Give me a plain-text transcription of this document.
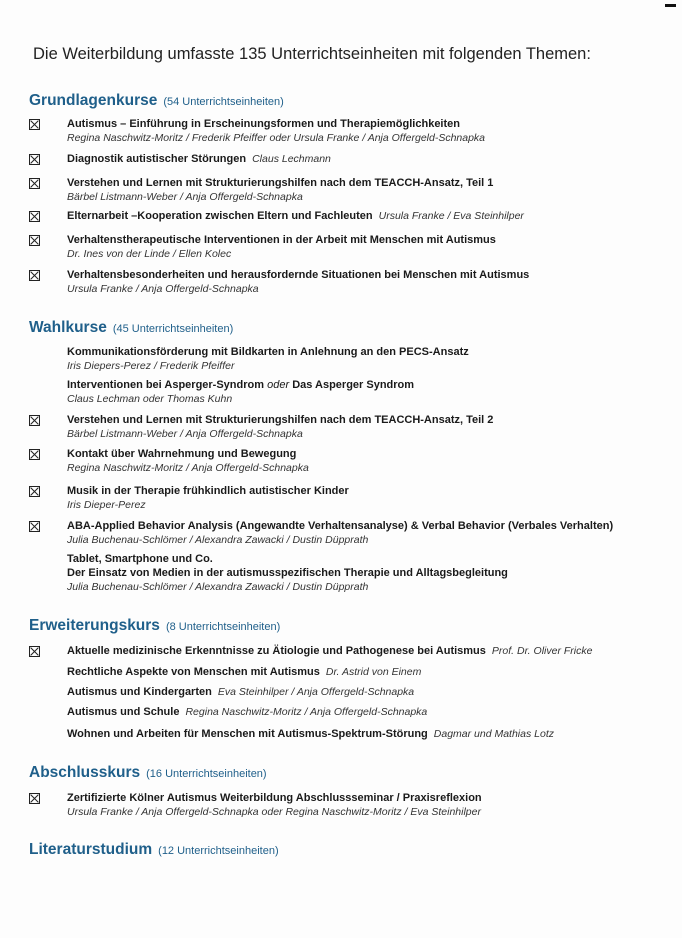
Die Weiterbildung umfasste 135 Unterrichtseinheiten mit folgenden Themen:
Grundlagenkurse (54 Unterrichtseinheiten)
Autismus – Einführung in Erscheinungsformen und Therapiemöglichkeiten
Regina Naschwitz-Moritz / Frederik Pfeiffer oder Ursula Franke / Anja Offergeld-Schnapka
Diagnostik autistischer Störungen Claus Lechmann
Verstehen und Lernen mit Strukturierungshilfen nach dem TEACCH-Ansatz, Teil 1
Bärbel Listmann-Weber / Anja Offergeld-Schnapka
Elternarbeit –Kooperation zwischen Eltern und Fachleuten Ursula Franke / Eva Steinhilper
Verhaltenstherapeutische Interventionen in der Arbeit mit Menschen mit Autismus
Dr. Ines von der Linde / Ellen Kolec
Verhaltensbesonderheiten und herausfordernde Situationen bei Menschen mit Autismus
Ursula Franke / Anja Offergeld-Schnapka
Wahlkurse (45 Unterrichtseinheiten)
Kommunikationsförderung mit Bildkarten in Anlehnung an den PECS-Ansatz
Iris Diepers-Perez / Frederik Pfeiffer
Interventionen bei Asperger-Syndrom oder Das Asperger Syndrom
Claus Lechman oder Thomas Kuhn
Verstehen und Lernen mit Strukturierungshilfen nach dem TEACCH-Ansatz, Teil 2
Bärbel Listmann-Weber / Anja Offergeld-Schnapka
Kontakt über Wahrnehmung und Bewegung
Regina Naschwitz-Moritz / Anja Offergeld-Schnapka
Musik in der Therapie frühkindlich autistischer Kinder
Iris Dieper-Perez
ABA-Applied Behavior Analysis (Angewandte Verhaltensanalyse) & Verbal Behavior (Verbales Verhalten)
Julia Buchenau-Schlömer / Alexandra Zawacki / Dustin Düpprath
Tablet, Smartphone und Co.
Der Einsatz von Medien in der autismusspezifischen Therapie und Alltagsbegleitung
Julia Buchenau-Schlömer / Alexandra Zawacki / Dustin Düpprath
Erweiterungskurs (8 Unterrichtseinheiten)
Aktuelle medizinische Erkenntnisse zu Ätiologie und Pathogenese bei Autismus Prof. Dr. Oliver Fricke
Rechtliche Aspekte von Menschen mit Autismus Dr. Astrid von Einem
Autismus und Kindergarten Eva Steinhilper / Anja Offergeld-Schnapka
Autismus und Schule Regina Naschwitz-Moritz / Anja Offergeld-Schnapka
Wohnen und Arbeiten für Menschen mit Autismus-Spektrum-Störung Dagmar und Mathias Lotz
Abschlusskurs (16 Unterrichtseinheiten)
Zertifizierte Kölner Autismus Weiterbildung Abschlussseminar / Praxisreflexion
Ursula Franke / Anja Offergeld-Schnapka oder Regina Naschwitz-Moritz / Eva Steinhilper
Literaturstudium (12 Unterrichtseinheiten)
